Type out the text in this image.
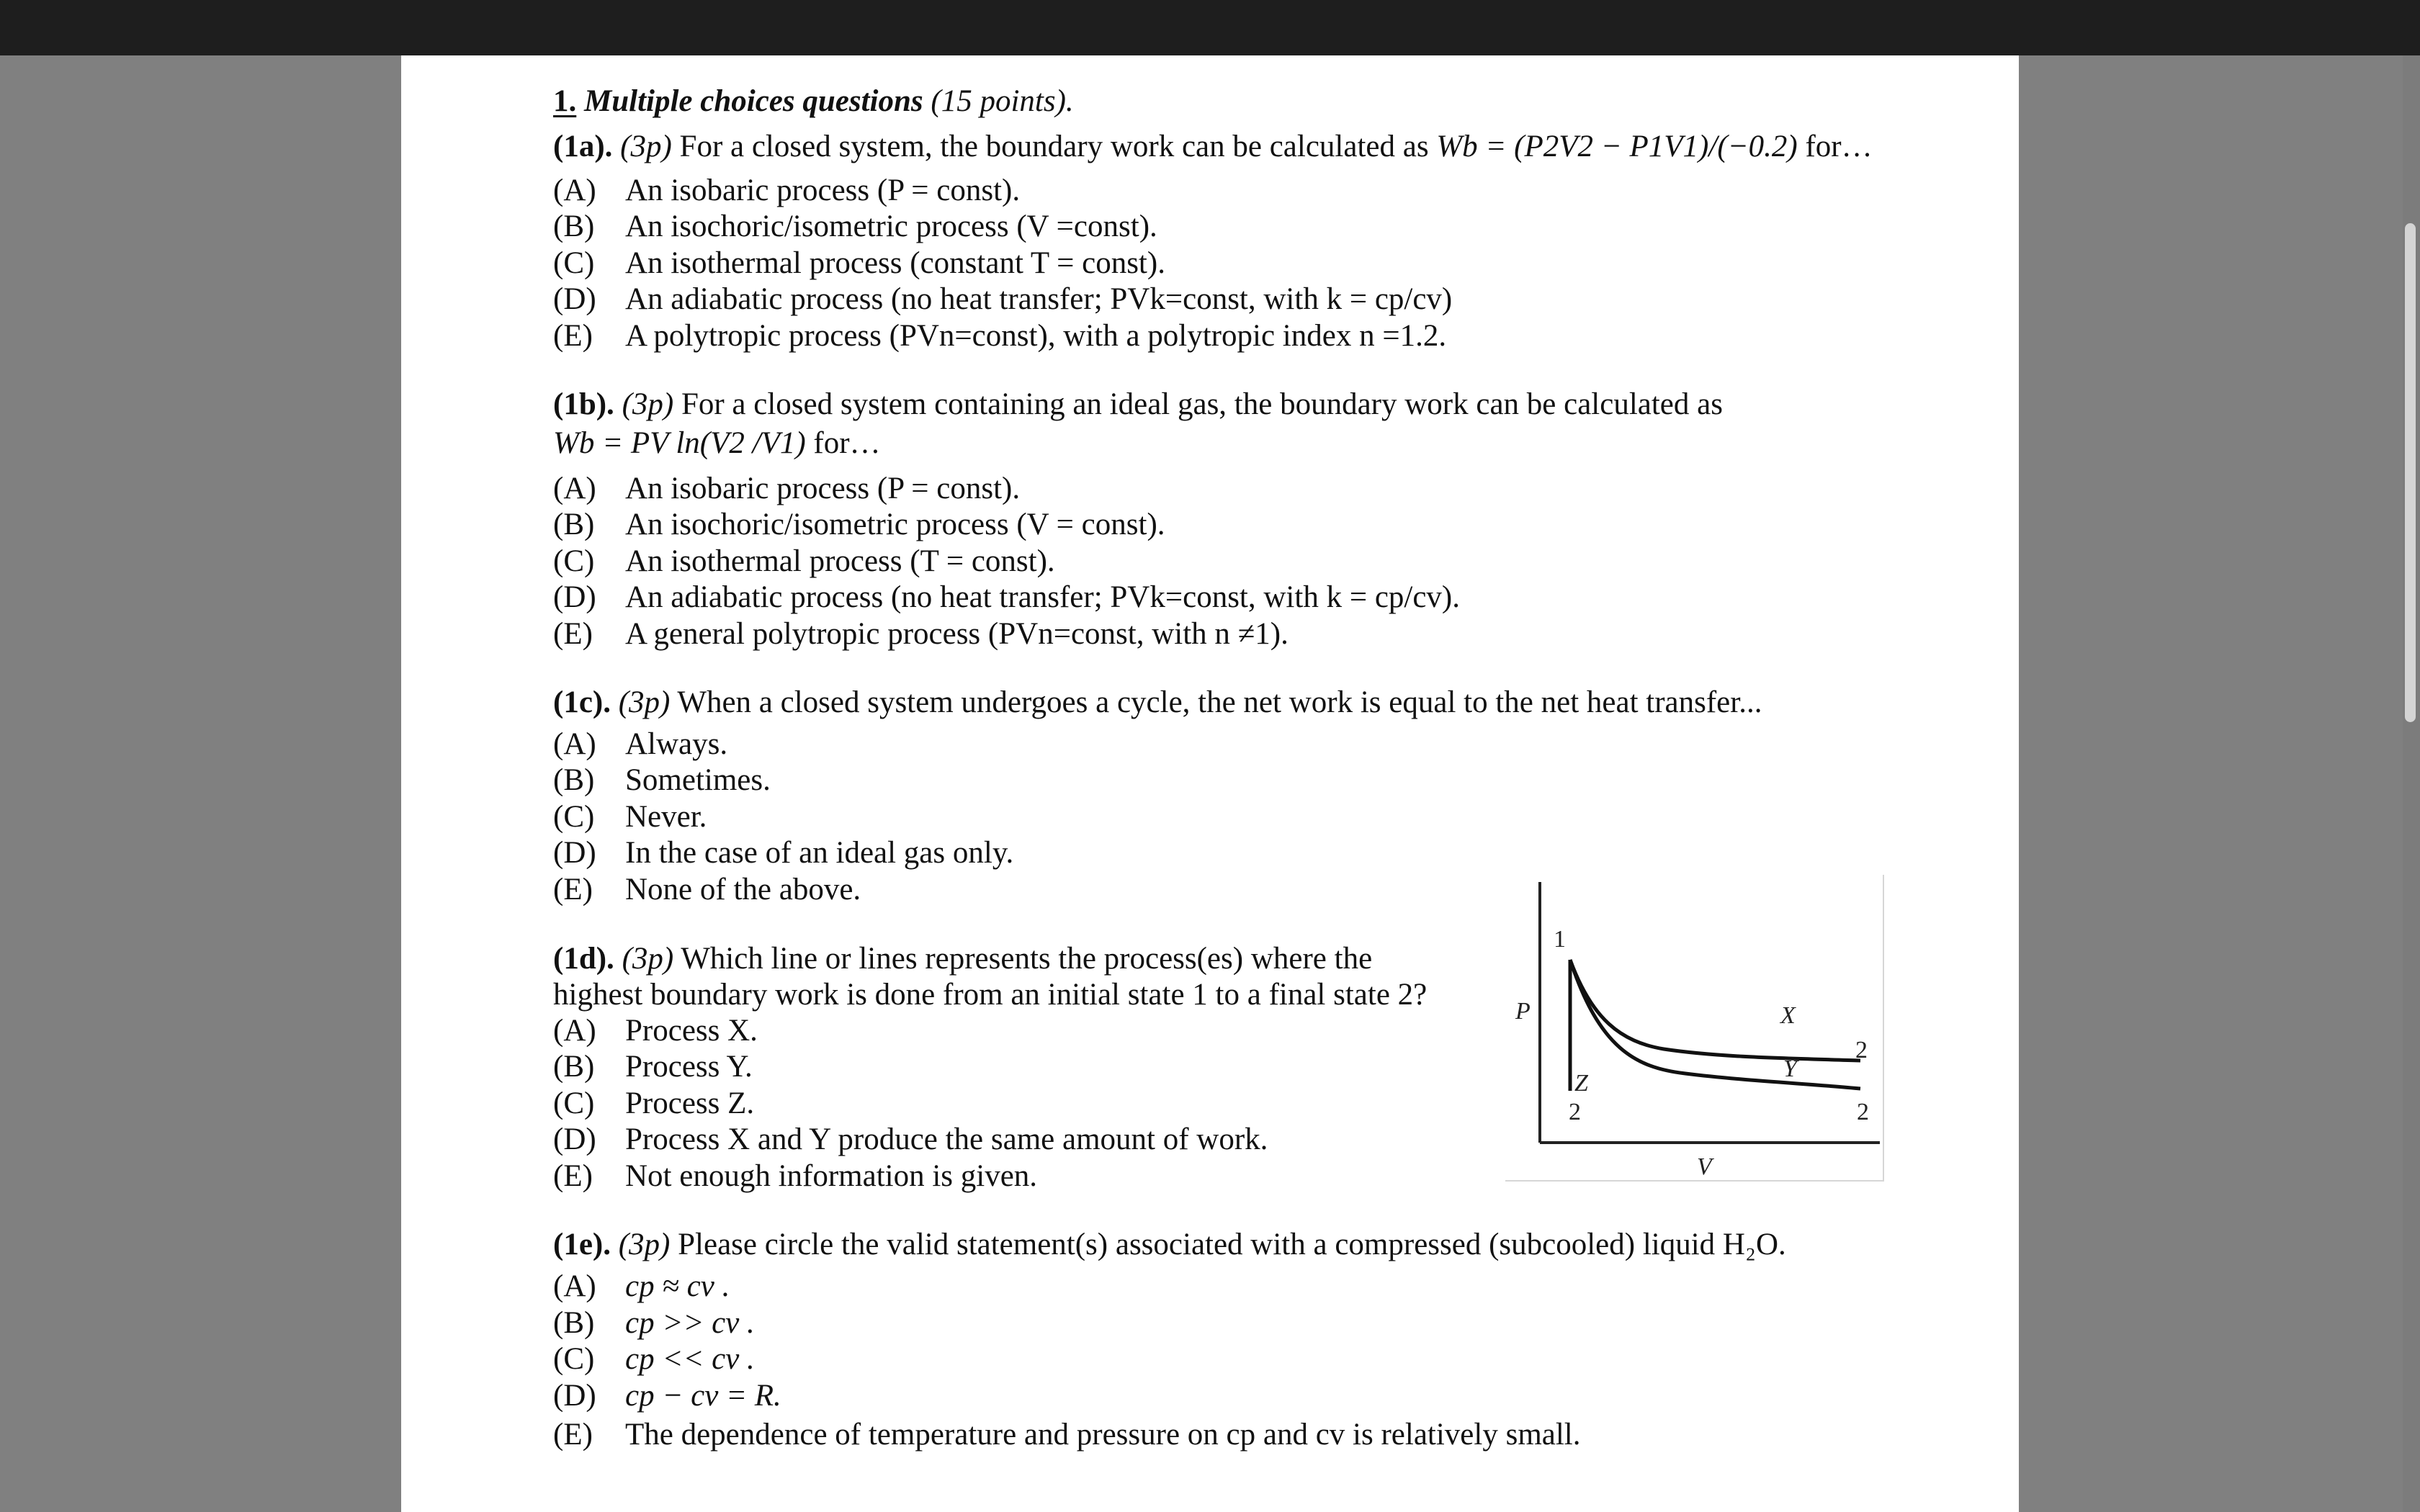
1. Multiple choices questions (15 points).
(1a). (3p) For a closed system, the boundary work can be calculated as Wb = (P2V2 − P1V1)/(−0.2) for…
(A) An isobaric process (P = const).
(B) An isochoric/isometric process (V =const).
(C) An isothermal process (constant T = const).
(D) An adiabatic process (no heat transfer; PVk=const, with k = cp/cv)
(E) A polytropic process (PVn=const), with a polytropic index n =1.2.
(1b). (3p) For a closed system containing an ideal gas, the boundary work can be calculated as
Wb = PV ln(V2 /V1) for…
(A) An isobaric process (P = const).
(B) An isochoric/isometric process (V = const).
(C) An isothermal process (T = const).
(D) An adiabatic process (no heat transfer; PVk=const, with k = cp/cv).
(E) A general polytropic process (PVn=const, with n ≠1).
(1c). (3p) When a closed system undergoes a cycle, the net work is equal to the net heat transfer...
(A) Always.
(B) Sometimes.
(C) Never.
(D) In the case of an ideal gas only.
(E) None of the above.
(1d). (3p) Which line or lines represents the process(es) where the
highest boundary work is done from an initial state 1 to a final state 2?
(A) Process X.
(B) Process Y.
(C) Process Z.
(D) Process X and Y produce the same amount of work.
(E) Not enough information is given.
P
V
1
X
Y
Z
2
2
2
(1e). (3p) Please circle the valid statement(s) associated with a compressed (subcooled) liquid H₂O.
(A) cp ≈ cv .
(B) cp >> cv .
(C) cp << cv .
(D) cp − cv = R.
(E) The dependence of temperature and pressure on cp and cv is relatively small.
